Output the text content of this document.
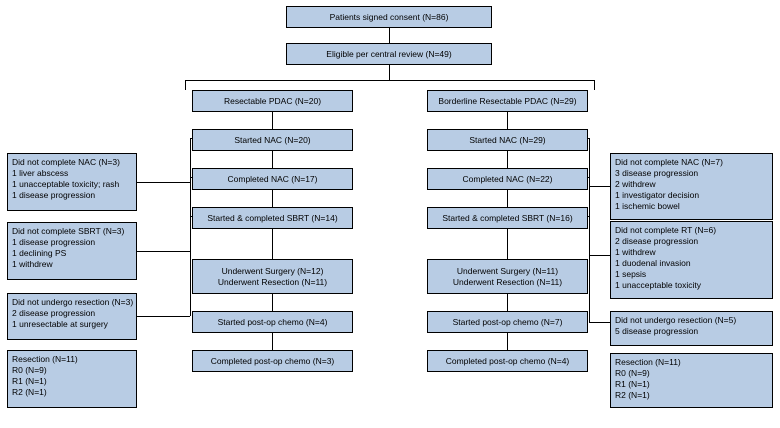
Patients signed consent (N=86)
Eligible per central review (N=49)
Resectable PDAC (N=20)	Borderline Resectable PDAC (N=29)
Started NAC (N=20)
Completed NAC (N=17)
Started & completed SBRT (N=14)
Underwent Surgery (N=12)
Underwent Resection (N=11)
Started post-op chemo (N=4)
Completed post-op chemo (N=3)
Started NAC (N=29)
Completed NAC (N=22)
Started & completed SBRT (N=16)
Underwent Surgery (N=11)
Underwent Resection (N=11)
Started post-op chemo (N=7)
Completed post-op chemo (N=4)
Did not complete NAC (N=3)
1 liver abscess
1 unacceptable toxicity; rash
1 disease progression
Did not complete SBRT (N=3)
1 disease progression
1 declining PS
1 withdrew
Did not undergo resection (N=3)
2 disease progression
1 unresectable at surgery
Resection (N=11)
R0 (N=9)
R1 (N=1)
R2 (N=1)
Did not complete NAC (N=7)
3 disease progression
2 withdrew
1 investigator decision
1 ischemic bowel
Did not complete RT (N=6)
2 disease progression
1 withdrew
1 duodenal invasion
1 sepsis
1 unacceptable toxicity
Did not undergo resection (N=5)
5 disease progression
Resection (N=11)
R0 (N=9)
R1 (N=1)
R2 (N=1)
